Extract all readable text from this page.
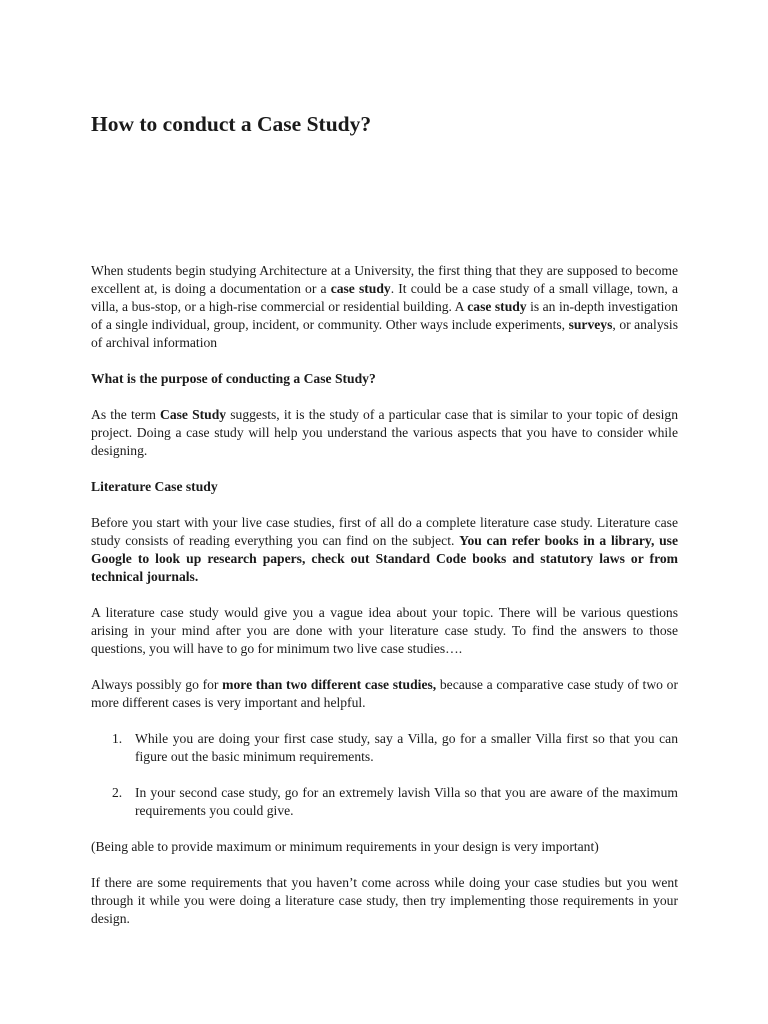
How to conduct a Case Study?

When students begin studying Architecture at a University, the first thing that they are supposed to become excellent at, is doing a documentation or a case study. It could be a case study of a small village, town, a villa, a bus-stop, or a high-rise commercial or residential building. A case study is an in-depth investigation of a single individual, group, incident, or community. Other ways include experiments, surveys, or analysis of archival information

What is the purpose of conducting a Case Study?

As the term Case Study suggests, it is the study of a particular case that is similar to your topic of design project. Doing a case study will help you understand the various aspects that you have to consider while designing.

Literature Case study

Before you start with your live case studies, first of all do a complete literature case study. Literature case study consists of reading everything you can find on the subject. You can refer books in a library, use Google to look up research papers, check out Standard Code books and statutory laws or from technical journals.

A literature case study would give you a vague idea about your topic. There will be various questions arising in your mind after you are done with your literature case study. To find the answers to those questions, you will have to go for minimum two live case studies….

Always possibly go for more than two different case studies, because a comparative case study of two or more different cases is very important and helpful.

1. While you are doing your first case study, say a Villa, go for a smaller Villa first so that you can figure out the basic minimum requirements.
2. In your second case study, go for an extremely lavish Villa so that you are aware of the maximum requirements you could give.

(Being able to provide maximum or minimum requirements in your design is very important)

If there are some requirements that you haven’t come across while doing your case studies but you went through it while you were doing a literature case study, then try implementing those requirements in your design.
